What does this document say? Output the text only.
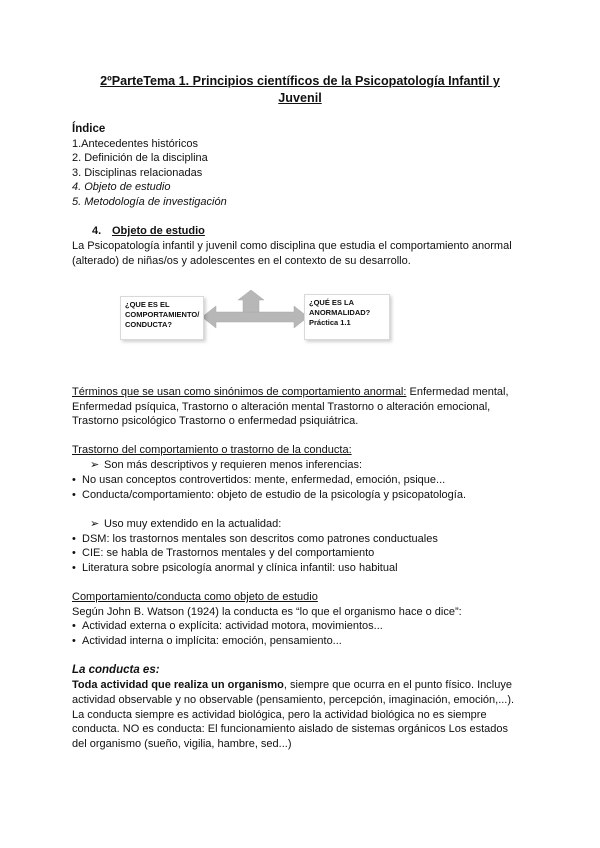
2ºParteTema 1. Principios científicos de la Psicopatología Infantil y
Juvenil
Índice
1.Antecedentes históricos
2. Definición de la disciplina
3. Disciplinas relacionadas
4. Objeto de estudio
5. Metodología de investigación
4. Objeto de estudio
La Psicopatología infantil y juvenil como disciplina que estudia el comportamiento anormal
(alterado) de niñas/os y adolescentes en el contexto de su desarrollo.
¿QUE ES EL
COMPORTAMIENTO/
CONDUCTA?
¿QUÉ ES LA
ANORMALIDAD?
Práctica 1.1
Términos que se usan como sinónimos de comportamiento anormal: Enfermedad mental,
Enfermedad psíquica, Trastorno o alteración mental Trastorno o alteración emocional,
Trastorno psicológico Trastorno o enfermedad psiquiátrica.
Trastorno del comportamiento o trastorno de la conducta:
➢ Son más descriptivos y requieren menos inferencias:
• No usan conceptos controvertidos: mente, enfermedad, emoción, psique...
• Conducta/comportamiento: objeto de estudio de la psicología y psicopatología.
➢ Uso muy extendido en la actualidad:
• DSM: los trastornos mentales son descritos como patrones conductuales
• CIE: se habla de Trastornos mentales y del comportamiento
• Literatura sobre psicología anormal y clínica infantil: uso habitual
Comportamiento/conducta como objeto de estudio
Según John B. Watson (1924) la conducta es “lo que el organismo hace o dice”:
• Actividad externa o explícita: actividad motora, movimientos...
• Actividad interna o implícita: emoción, pensamiento...
La conducta es:
Toda actividad que realiza un organismo, siempre que ocurra en el punto físico. Incluye
actividad observable y no observable (pensamiento, percepción, imaginación, emoción,...).
La conducta siempre es actividad biológica, pero la actividad biológica no es siempre
conducta. NO es conducta: El funcionamiento aislado de sistemas orgánicos Los estados
del organismo (sueño, vigilia, hambre, sed...)
